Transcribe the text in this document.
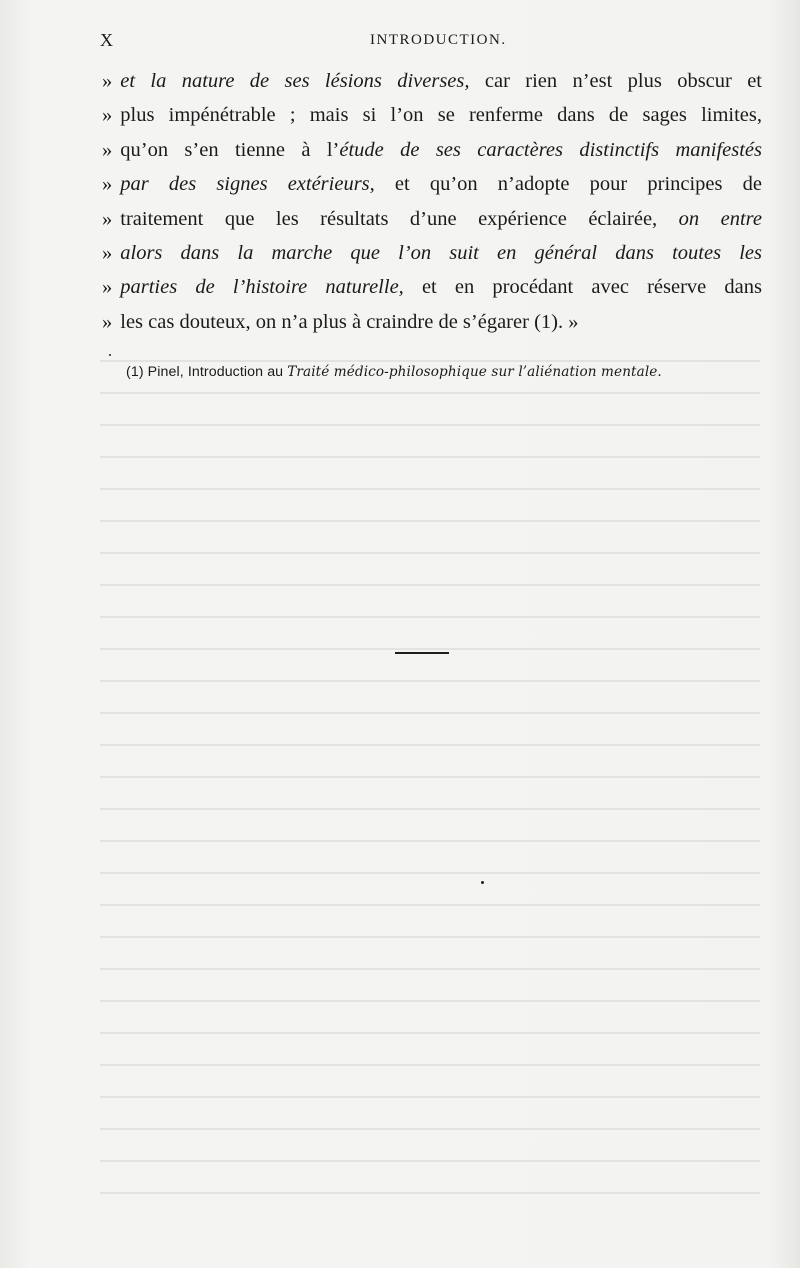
X	INTRODUCTION.
» et la nature de ses lésions diverses, car rien n’est plus obscur et
» plus impénétrable ; mais si l’on se renferme dans de sages limites,
» qu’on s’en tienne à l’étude de ses caractères distinctifs manifestés
» par des signes extérieurs, et qu’on n’adopte pour principes de
» traitement que les résultats d’une expérience éclairée, on entre
» alors dans la marche que l’on suit en général dans toutes les
» parties de l’histoire naturelle, et en procédant avec réserve dans
» les cas douteux, on n’a plus à craindre de s’égarer (1). »
(1) Pinel, Introduction au Traité médico-philosophique sur l’aliénation mentale.
